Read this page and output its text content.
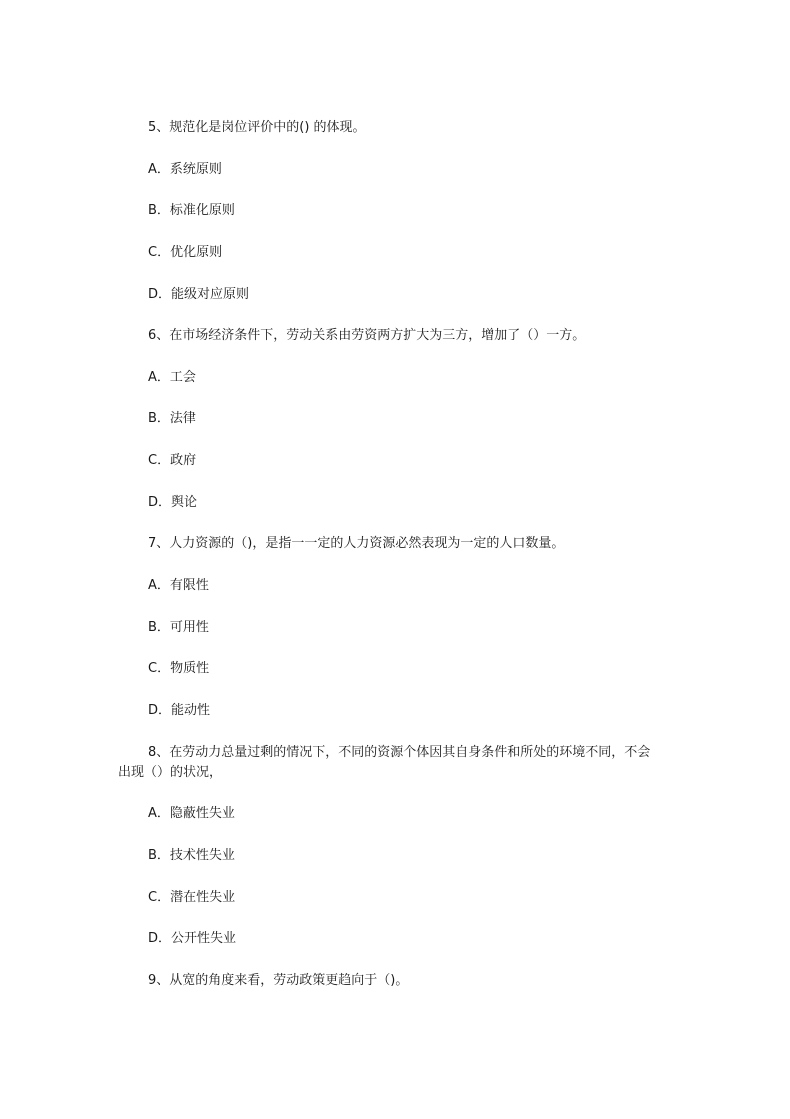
5、规范化是岗位评价中的() 的体现。
A．系统原则
B．标准化原则
C．优化原则
D．能级对应原则
6、在市场经济条件下，劳动关系由劳资两方扩大为三方，增加了（）一方。
A．工会
B．法律
C．政府
D．舆论
7、人力资源的（)，是指一一定的人力资源必然表现为一定的人口数量。
A．有限性
B．可用性
C．物质性
D．能动性
8、在劳动力总量过剩的情况下，不同的资源个体因其自身条件和所处的环境不同，不会出现（）的状况，
A．隐蔽性失业
B．技术性失业
C．潜在性失业
D．公开性失业
9、从宽的角度来看，劳动政策更趋向于（)。
